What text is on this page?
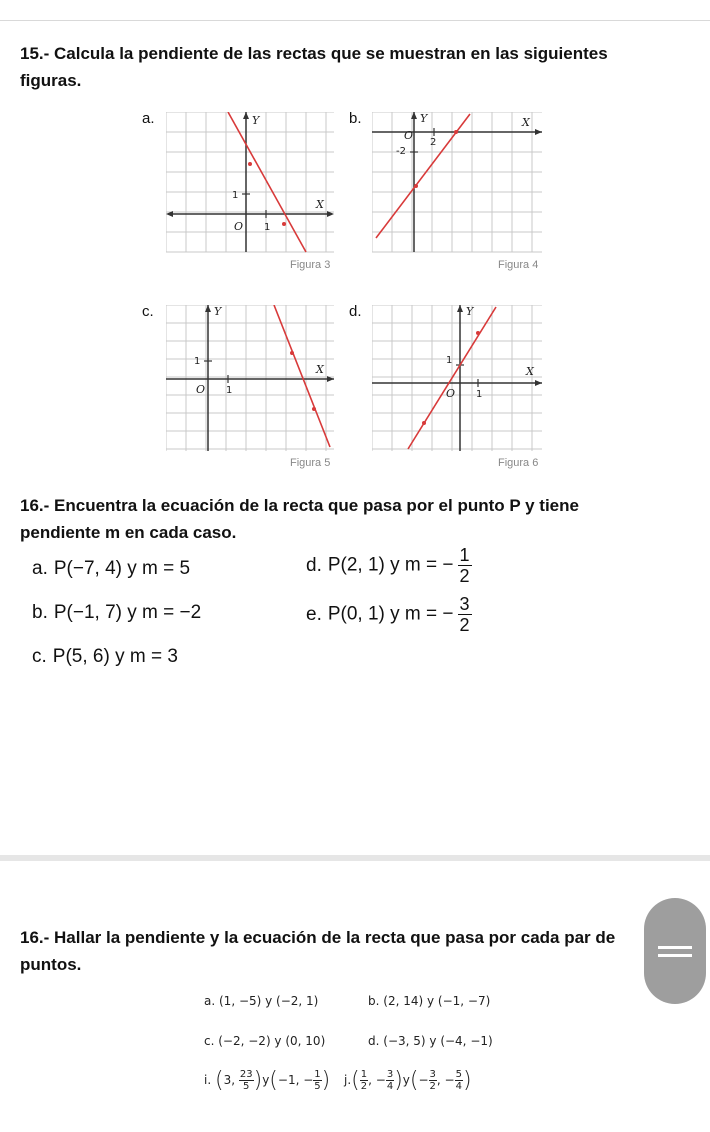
15.- Calcula la pendiente de las rectas que se muestran en las siguientes
figuras.
a.	Y
X
1
O 1
Figura 3
b.	Y	X
O
2
-2
Figura 4
c.	Y
X
1
O 1
Figura 5
d.	Y
X
1
O 1
Figura 6
16.- Encuentra la ecuación de la recta que pasa por el punto P y tiene
pendiente m en cada caso.
a. P(−7, 4) y m = 5	d. P(2, 1) y m = − $\frac{1}{2}$
b. P(−1, 7) y m = −2	e. P(0, 1) y m = − $\frac{3}{2}$
c. P(5, 6) y m = 3
16.- Hallar la pendiente y la ecuación de la recta que pasa por cada par de
puntos.
a. (1, −5) y (−2, 1)	b. (2, 14) y (−1, −7)
c. (−2, −2) y (0, 10)	d. (−3, 5) y (−4, −1)
i. (3, $\frac{23}{5} )y(-1$, − $\frac{1}{5}$ ) $j.( \frac{1}{2}$ , − $\frac{3}{4} )y(- \frac{3}{2}$ , − $\frac{5}{4}$ )
